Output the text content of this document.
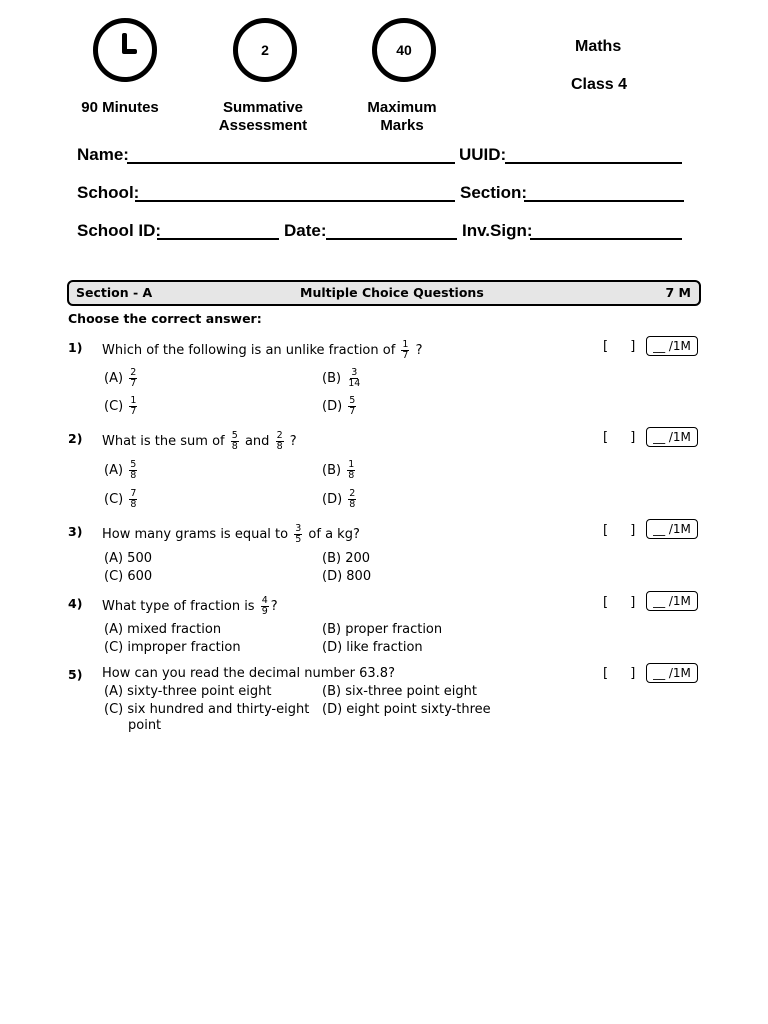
2	40
90 Minutes	Summative
Assessment
Maximum
Marks
Maths
Class 4
Name:	UUID:
School:	Section:
School ID:	Date:	Inv.Sign:
Section - A	Multiple Choice Questions	7 M
Choose the correct answer:
1) Which of the following is an unlike fraction of $\frac{1}{7}$ ?	[ ] __ /1M
$(A) \frac{2}{7}$	$(B) \frac{3}{14}$
$(C) \frac{1}{7}$	$(D) \frac{5}{7}$
2) What is the sum of $\frac{5}{8}$ and $\frac{2}{8}$ ?	[ ] __ /1M
$(A) \frac{5}{8}$	$(B) \frac{1}{8}$
$(C) \frac{7}{8}$	$(D) \frac{2}{8}$
3) How many grams is equal to $\frac{3}{5}$ of a kg?	[ ] __ /1M
(A) 500	(B) 200
(C) 600	(D) 800
4) What type of fraction is $\frac{4}{9}$ ?	[ ] __ /1M
(A) mixed fraction	(B) proper fraction
(C) improper fraction	(D) like fraction
5) How can you read the decimal number 63.8?	[ ] __ /1M
(A) sixty-three point eight	(B) six-three point eight
(C) six hundred and thirty-eight
point
(D) eight point sixty-three
